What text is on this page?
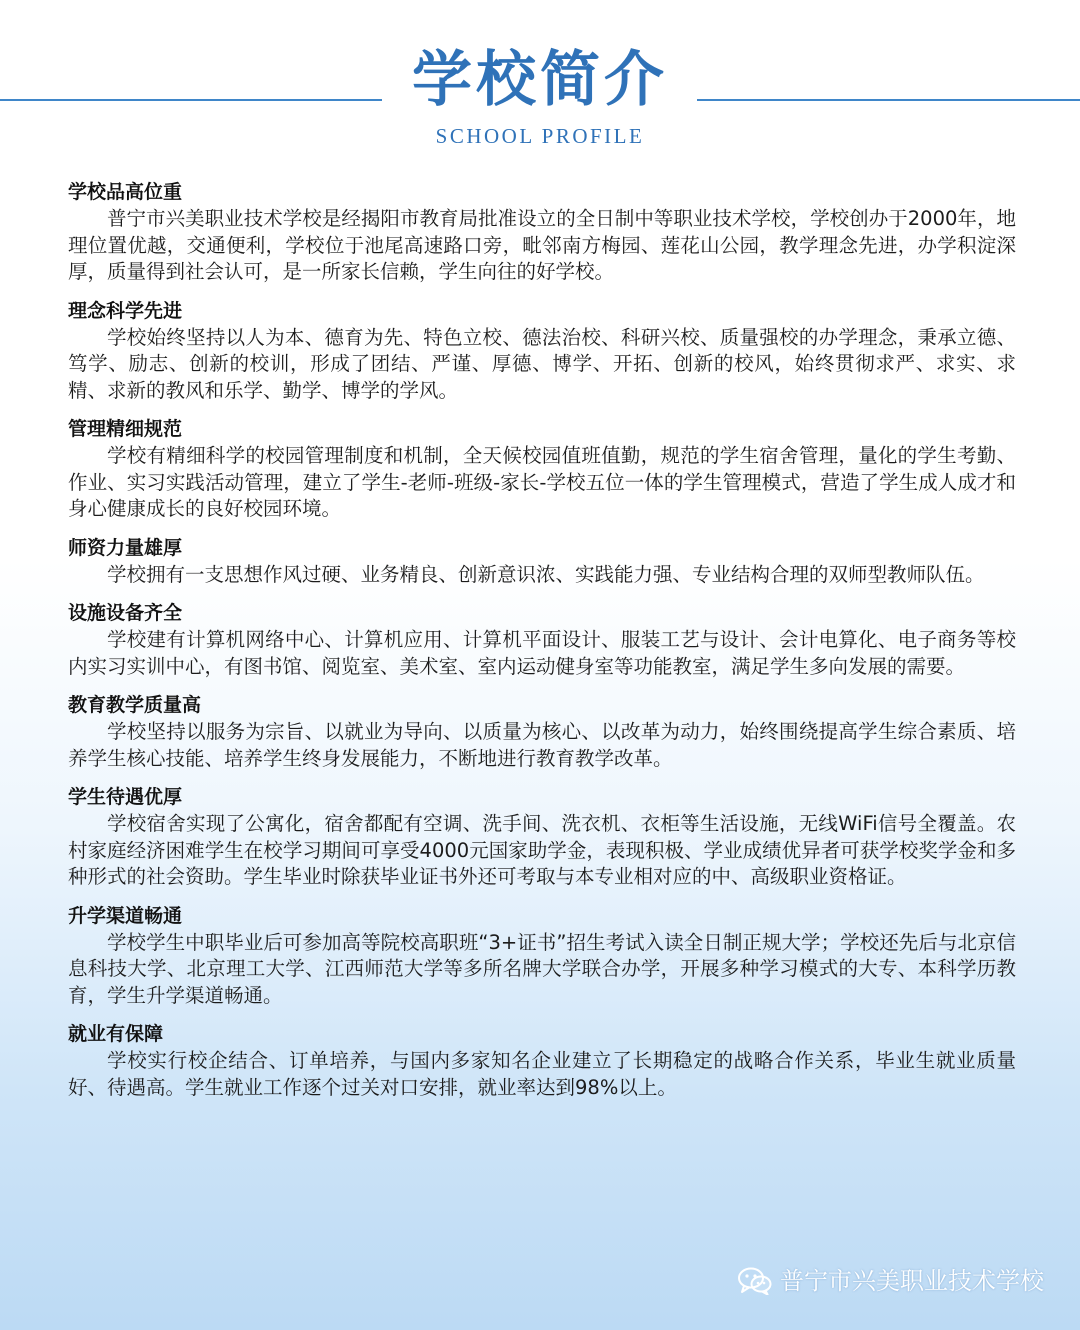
学校简介
SCHOOL PROFILE
学校品高位重
普宁市兴美职业技术学校是经揭阳市教育局批准设立的全日制中等职业技术学校，学校创办于2000年，地理位置优越，交通便利，学校位于池尾高速路口旁，毗邻南方梅园、莲花山公园，教学理念先进，办学积淀深厚，质量得到社会认可，是一所家长信赖，学生向往的好学校。
理念科学先进
学校始终坚持以人为本、德育为先、特色立校、德法治校、科研兴校、质量强校的办学理念，秉承立德、笃学、励志、创新的校训，形成了团结、严谨、厚德、博学、开拓、创新的校风，始终贯彻求严、求实、求精、求新的教风和乐学、勤学、博学的学风。
管理精细规范
学校有精细科学的校园管理制度和机制，全天候校园值班值勤，规范的学生宿舍管理，量化的学生考勤、作业、实习实践活动管理，建立了学生-老师-班级-家长-学校五位一体的学生管理模式，营造了学生成人成才和身心健康成长的良好校园环境。
师资力量雄厚
学校拥有一支思想作风过硬、业务精良、创新意识浓、实践能力强、专业结构合理的双师型教师队伍。
设施设备齐全
学校建有计算机网络中心、计算机应用、计算机平面设计、服装工艺与设计、会计电算化、电子商务等校内实习实训中心，有图书馆、阅览室、美术室、室内运动健身室等功能教室，满足学生多向发展的需要。
教育教学质量高
学校坚持以服务为宗旨、以就业为导向、以质量为核心、以改革为动力，始终围绕提高学生综合素质、培养学生核心技能、培养学生终身发展能力，不断地进行教育教学改革。
学生待遇优厚
学校宿舍实现了公寓化，宿舍都配有空调、洗手间、洗衣机、衣柜等生活设施，无线WiFi信号全覆盖。农村家庭经济困难学生在校学习期间可享受4000元国家助学金，表现积极、学业成绩优异者可获学校奖学金和多种形式的社会资助。学生毕业时除获毕业证书外还可考取与本专业相对应的中、高级职业资格证。
升学渠道畅通
学校学生中职毕业后可参加高等院校高职班“3+证书”招生考试入读全日制正规大学；学校还先后与北京信息科技大学、北京理工大学、江西师范大学等多所名牌大学联合办学，开展多种学习模式的大专、本科学历教育，学生升学渠道畅通。
就业有保障
学校实行校企结合、订单培养，与国内多家知名企业建立了长期稳定的战略合作关系，毕业生就业质量好、待遇高。学生就业工作逐个过关对口安排，就业率达到98%以上。
普宁市兴美职业技术学校
